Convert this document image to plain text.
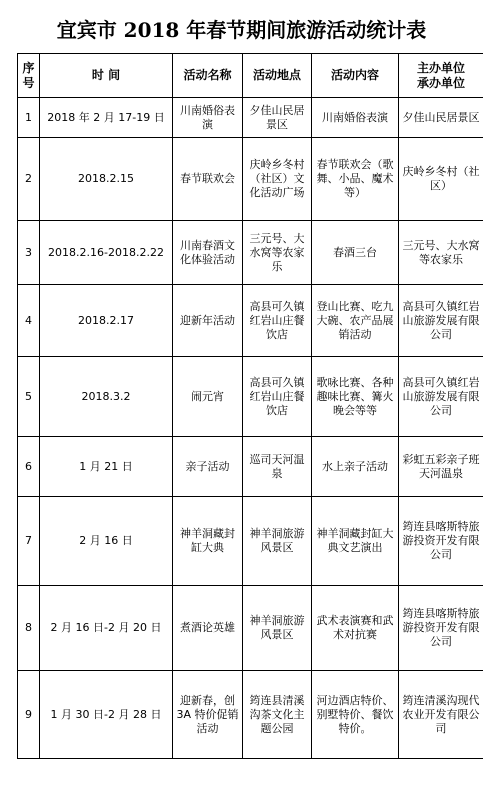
宜宾市 2018 年春节期间旅游活动统计表
序号	时 间	活动名称	活动地点	活动内容	主办单位
承办单位
1	2018 年 2 月 17-19 日	川南婚俗表演	夕佳山民居景区	川南婚俗表演	夕佳山民居景区
2	2018.2.15	春节联欢会	庆岭乡冬村（社区）文化活动广场	春节联欢会（歌舞、小品、魔术等）	庆岭乡冬村（社区）
3	2018.2.16-2018.2.22	川南春酒文化体验活动	三元号、大水窝等农家乐	春酒三台	三元号、大水窝等农家乐
4	2018.2.17	迎新年活动	高县可久镇红岩山庄餐饮店	登山比赛、吃九大碗、农产品展销活动	高县可久镇红岩山旅游发展有限公司
5	2018.3.2	闹元宵	高县可久镇红岩山庄餐饮店	歌咏比赛、各种趣味比赛、篝火晚会等等	高县可久镇红岩山旅游发展有限公司
6	1 月 21 日	亲子活动	巡司天河温泉	水上亲子活动	彩虹五彩亲子班天河温泉
7	2 月 16 日	神羊洞藏封缸大典	神羊洞旅游风景区	神羊洞藏封缸大典文艺演出	筠连县喀斯特旅游投资开发有限公司
8	2 月 16 日-2 月 20 日	煮酒论英雄	神羊洞旅游风景区	武术表演赛和武术对抗赛	筠连县喀斯特旅游投资开发有限公司
9	1 月 30 日-2 月 28 日	迎新春，创 3A 特价促销活动	筠连县清溪沟茶文化主题公园	河边酒店特价、别墅特价、餐饮特价。	筠连清溪沟现代农业开发有限公司
